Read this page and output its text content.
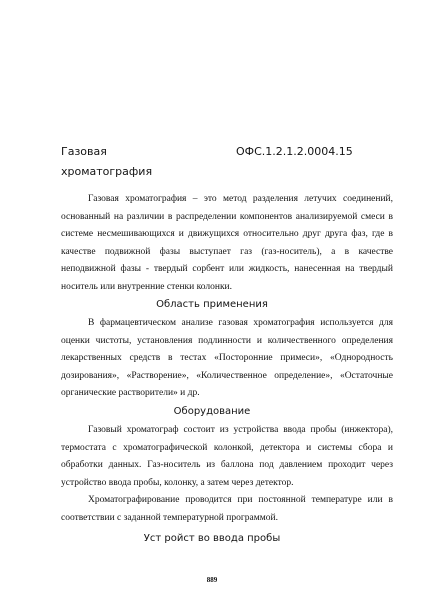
Газовая
хроматография
ОФС.1.2.1.2.0004.15
Газовая хроматография – это метод разделения летучих соединений, основанный на различии в распределении компонентов анализируемой смеси в системе несмешивающихся и движущихся относительно друг друга фаз, где в качестве подвижной фазы выступает газ (газ-носитель), а в качестве неподвижной фазы - твердый сорбент или жидкость, нанесенная на твердый носитель или внутренние стенки колонки.
Область применения
В фармацевтическом анализе газовая хроматография используется для оценки чистоты, установления подлинности и количественного определения лекарственных средств в тестах «Посторонние примеси», «Однородность дозирования», «Растворение», «Количественное определение», «Остаточные органические растворители» и др.
Оборудование
Газовый хроматограф состоит из устройства ввода пробы (инжектора), термостата с хроматографической колонкой, детектора и системы сбора и обработки данных. Газ-носитель из баллона под давлением проходит через устройство ввода пробы, колонку, а затем через детектор.
Хроматографирование проводится при постоянной температуре или в соответствии с заданной температурной программой.
Уст ройст во ввода пробы
889
